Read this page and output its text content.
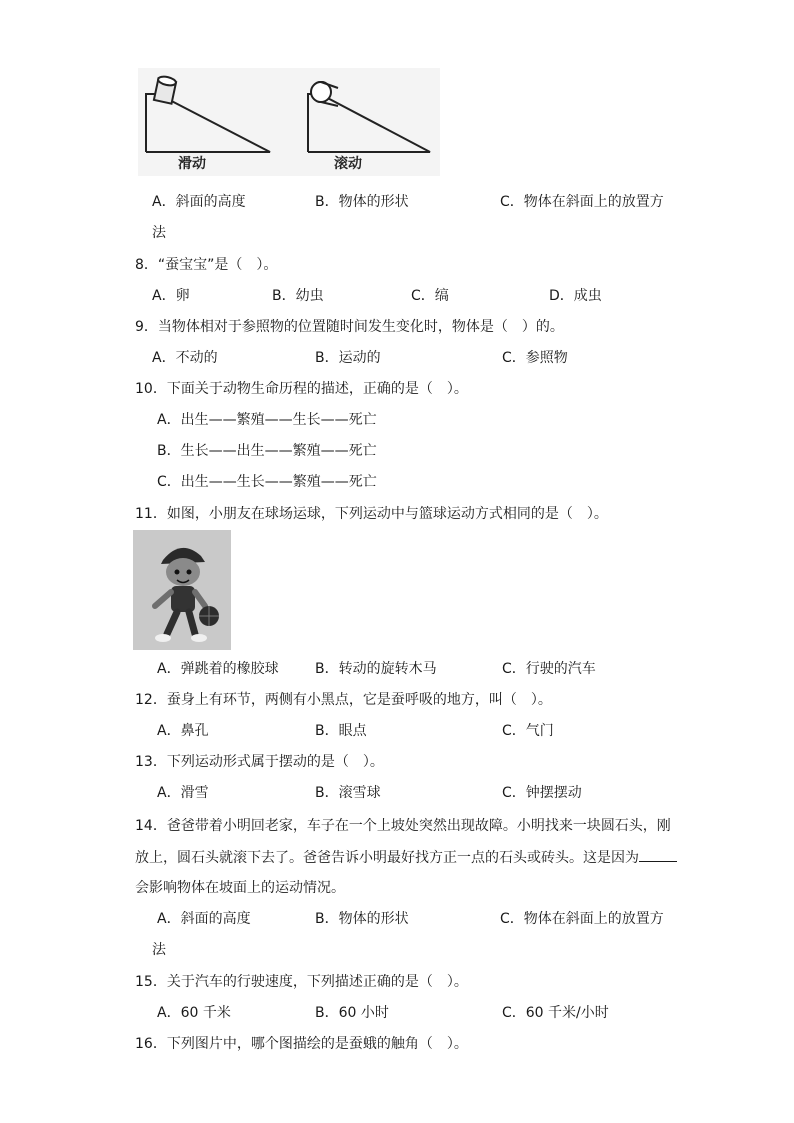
滑动	滚动
A．斜面的高度	B．物体的形状	C．物体在斜面上的放置方
法
8．“蚕宝宝”是（　）。
A．卵	B．幼虫	C．缟	D．成虫
9．当物体相对于参照物的位置随时间发生变化时，物体是（　）的。
A．不动的	B．运动的	C．参照物
10．下面关于动物生命历程的描述，正确的是（　）。
A．出生——繁殖——生长——死亡
B．生长——出生——繁殖——死亡
C．出生——生长——繁殖——死亡
11．如图，小朋友在球场运球，下列运动中与篮球运动方式相同的是（　）。
A．弹跳着的橡胶球	B．转动的旋转木马	C．行驶的汽车
12．蚕身上有环节，两侧有小黑点，它是蚕呼吸的地方，叫（　）。
A．鼻孔	B．眼点	C．气门
13．下列运动形式属于摆动的是（　）。
A．滑雪	B．滚雪球	C．钟摆摆动
14．爸爸带着小明回老家，车子在一个上坡处突然出现故障。小明找来一块圆石头，刚
放上，圆石头就滚下去了。爸爸告诉小明最好找方正一点的石头或砖头。这是因为
会影响物体在坡面上的运动情况。
A．斜面的高度	B．物体的形状	C．物体在斜面上的放置方
法
15．关于汽车的行驶速度，下列描述正确的是（　）。
A．60 千米	B．60 小时	C．60 千米/小时
16．下列图片中，哪个图描绘的是蚕蛾的触角（　）。
